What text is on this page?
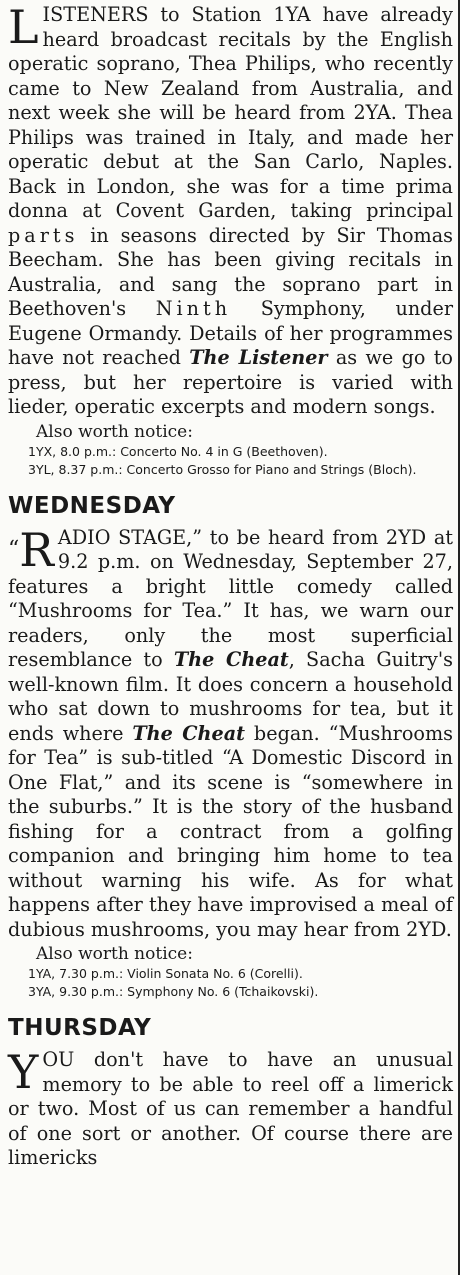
LISTENERS to Station 1YA have already heard broadcast recitals by the English operatic soprano, Thea Philips, who recently came to New Zealand from Australia, and next week she will be heard from 2YA. Thea Philips was trained in Italy, and made her operatic debut at the San Carlo, Naples. Back in London, she was for a time prima donna at Covent Garden, taking principal parts in seasons directed by Sir Thomas Beecham. She has been giving recitals in Australia, and sang the soprano part in Beethoven's Ninth Symphony, under Eugene Ormandy. Details of her programmes have not reached The Listener as we go to press, but her repertoire is varied with lieder, operatic excerpts and modern songs.

Also worth notice:

1YX, 8.0 p.m.: Concerto No. 4 in G (Beethoven).

3YL, 8.37 p.m.: Concerto Grosso for Piano and Strings (Bloch).

WEDNESDAY

“R ADIO STAGE,” to be heard from 2YD at 9.2 p.m. on Wednesday, September 27, features a bright little comedy called “Mushrooms for Tea.” It has, we warn our readers, only the most superficial resemblance to The Cheat, Sacha Guitry's well-known film. It does concern a household who sat down to mushrooms for tea, but it ends where The Cheat began. “Mushrooms for Tea” is sub-titled “A Domestic Discord in One Flat,” and its scene is “somewhere in the suburbs.” It is the story of the husband fishing for a contract from a golfing companion and bringing him home to tea without warning his wife. As for what happens after they have improvised a meal of dubious mushrooms, you may hear from 2YD.

Also worth notice:

1YA, 7.30 p.m.: Violin Sonata No. 6 (Corelli).

3YA, 9.30 p.m.: Symphony No. 6 (Tchaikovski).

THURSDAY

YOU don't have to have an unusual memory to be able to reel off a limerick or two. Most of us can remember a handful of one sort or another. Of course there are limericks
